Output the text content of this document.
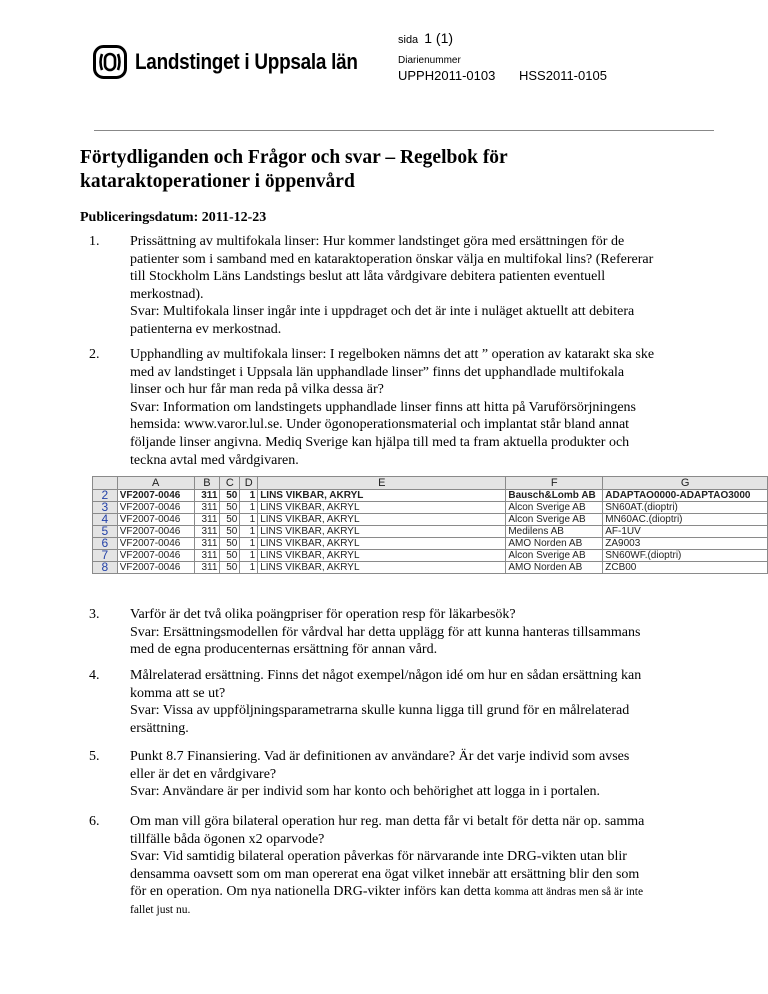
Landstinget i Uppsala län
sida 1 (1)
Diarienummer
UPPH2011-0103 HSS2011-0105
Förtydliganden och Frågor och svar – Regelbok för
kataraktoperationer i öppenvård
Publiceringsdatum: 2011-12-23
1. Prissättning av multifokala linser: Hur kommer landstinget göra med ersättningen för de
patienter som i samband med en kataraktoperation önskar välja en multifokal lins? (Refererar
till Stockholm Läns Landstings beslut att låta vårdgivare debitera patienten eventuell
merkostnad).
Svar: Multifokala linser ingår inte i uppdraget och det är inte i nuläget aktuellt att debitera
patienterna ev merkostnad.
2. Upphandling av multifokala linser: I regelboken nämns det att ” operation av katarakt ska ske
med av landstinget i Uppsala län upphandlade linser” finns det upphandlade multifokala
linser och hur får man reda på vilka dessa är?
Svar: Information om landstingets upphandlade linser finns att hitta på Varuförsörjningens
hemsida: www.varor.lul.se. Under ögonoperationsmaterial och implantat står bland annat
följande linser angivna. Mediq Sverige kan hjälpa till med ta fram aktuella produkter och
teckna avtal med vårdgivaren.
	A	B	C	D	E	F	G
2	VF2007-0046	311	50	1	LINS VIKBAR, AKRYL	Bausch&Lomb AB	ADAPTAO0000-ADAPTAO3000
3	VF2007-0046	311	50	1	LINS VIKBAR, AKRYL	Alcon Sverige AB	SN60AT.(dioptri)
4	VF2007-0046	311	50	1	LINS VIKBAR, AKRYL	Alcon Sverige AB	MN60AC.(dioptri)
5	VF2007-0046	311	50	1	LINS VIKBAR, AKRYL	Medilens AB	AF-1UV
6	VF2007-0046	311	50	1	LINS VIKBAR, AKRYL	AMO Norden AB	ZA9003
7	VF2007-0046	311	50	1	LINS VIKBAR, AKRYL	Alcon Sverige AB	SN60WF.(dioptri)
8	VF2007-0046	311	50	1	LINS VIKBAR, AKRYL	AMO Norden AB	ZCB00
3. Varför är det två olika poängpriser för operation resp för läkarbesök?
Svar: Ersättningsmodellen för vårdval har detta upplägg för att kunna hanteras tillsammans
med de egna producenternas ersättning för annan vård.
4. Målrelaterad ersättning. Finns det något exempel/någon idé om hur en sådan ersättning kan
komma att se ut?
Svar: Vissa av uppföljningsparametrarna skulle kunna ligga till grund för en målrelaterad
ersättning.
5. Punkt 8.7 Finansiering. Vad är definitionen av användare? Är det varje individ som avses
eller är det en vårdgivare?
Svar: Användare är per individ som har konto och behörighet att logga in i portalen.
6. Om man vill göra bilateral operation hur reg. man detta får vi betalt för detta när op. samma
tillfälle båda ögonen x2 oparvode?
Svar: Vid samtidig bilateral operation påverkas för närvarande inte DRG-vikten utan blir
densamma oavsett som om man opererat ena ögat vilket innebär att ersättning blir den som
för en operation. Om nya nationella DRG-vikter införs kan detta komma att ändras men så är inte
fallet just nu.
